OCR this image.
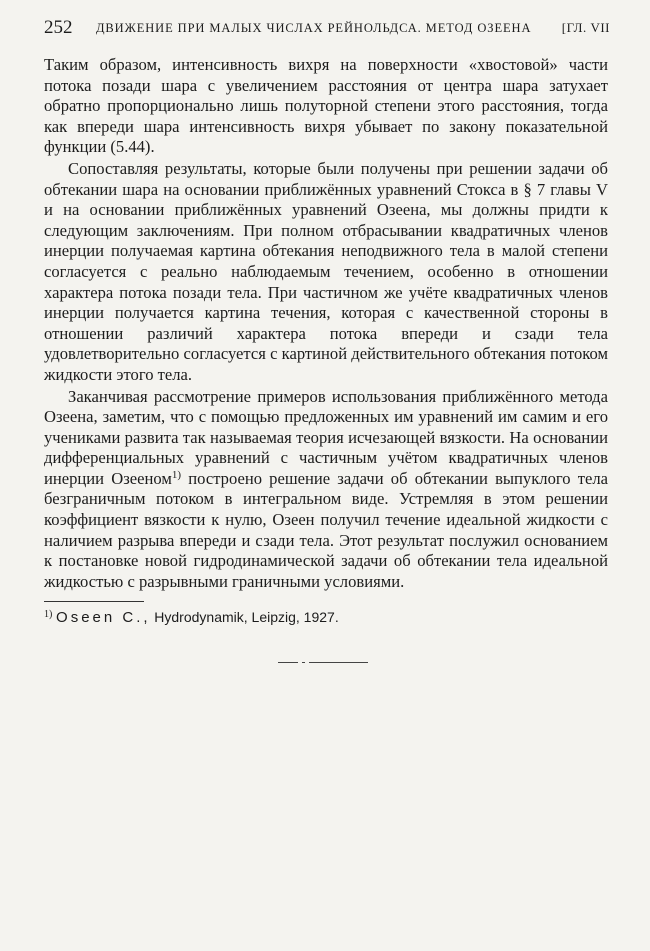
252 ДВИЖЕНИЕ ПРИ МАЛЫХ ЧИСЛАХ РЕЙНОЛЬДСА. МЕТОД ОЗЕЕНА [ГЛ. VII

Таким образом, интенсивность вихря на поверхности «хвостовой» части потока позади шара с увеличением расстояния от центра шара затухает обратно пропорционально лишь полуторной степени этого расстояния, тогда как впереди шара интенсивность вихря убывает по закону показательной функции (5.44).

Сопоставляя результаты, которые были получены при решении задачи об обтекании шара на основании приближённых уравнений Стокса в § 7 главы V и на основании приближённых уравнений Озеена, мы должны придти к следующим заключениям. При полном отбрасывании квадратичных членов инерции получаемая картина обтекания неподвижного тела в малой степени согласуется с реально наблюдаемым течением, особенно в отношении характера потока позади тела. При частичном же учёте квадратичных членов инерции получается картина течения, которая с качественной стороны в отношении различий характера потока впереди и сзади тела удовлетворительно согласуется с картиной действительного обтекания потоком жидкости этого тела.

Заканчивая рассмотрение примеров использования приближённого метода Озеена, заметим, что с помощью предложенных им уравнений им самим и его учениками развита так называемая теория исчезающей вязкости. На основании дифференциальных уравнений с частичным учётом квадратичных членов инерции Озееном$^{1)}$ построено решение задачи об обтекании выпуклого тела безграничным потоком в интегральном виде. Устремляя в этом решении коэффициент вязкости к нулю, Озеен получил течение идеальной жидкости с наличием разрыва впереди и сзади тела. Этот результат послужил основанием к постановке новой гидродинамической задачи об обтекании тела идеальной жидкостью с разрывными граничными условиями.

$^{1)}$ Oseen C., Hydrodynamik, Leipzig, 1927.
